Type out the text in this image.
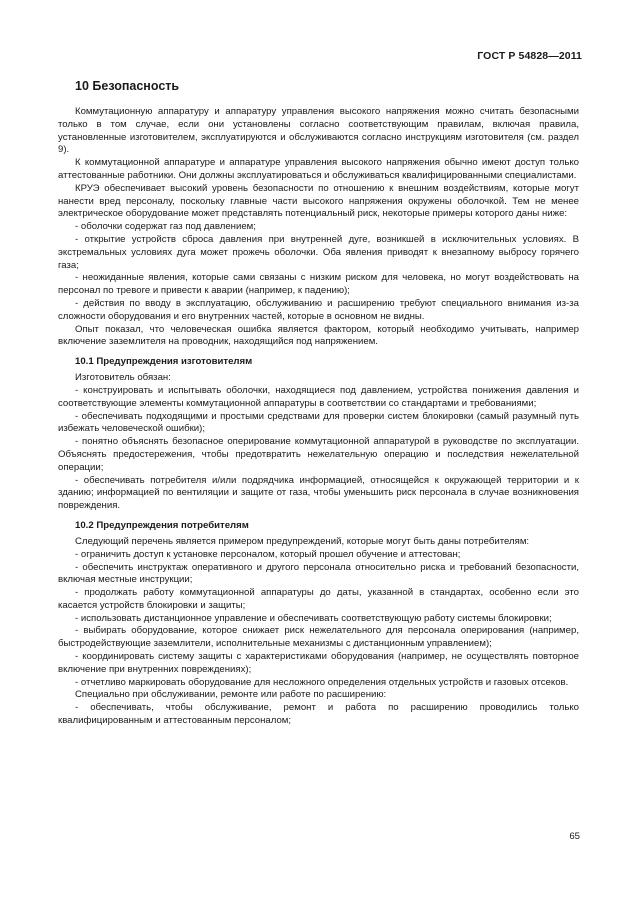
ГОСТ Р 54828—2011
10 Безопасность

Коммутационную аппаратуру и аппаратуру управления высокого напряжения можно считать безопасными только в том случае, если они установлены согласно соответствующим правилам, включая правила, установленные изготовителем, эксплуатируются и обслуживаются согласно инструкциям изготовителя (см. раздел 9).

К коммутационной аппаратуре и аппаратуре управления высокого напряжения обычно имеют доступ только аттестованные работники. Они должны эксплуатироваться и обслуживаться квалифицированными специалистами.

КРУЭ обеспечивает высокий уровень безопасности по отношению к внешним воздействиям, которые могут нанести вред персоналу, поскольку главные части высокого напряжения окружены оболочкой. Тем не менее электрическое оборудование может представлять потенциальный риск, некоторые примеры которого даны ниже:

- оболочки содержат газ под давлением;

- открытие устройств сброса давления при внутренней дуге, возникшей в исключительных условиях. В экстремальных условиях дуга может прожечь оболочки. Оба явления приводят к внезапному выбросу горячего газа;

- неожиданные явления, которые сами связаны с низким риском для человека, но могут воздействовать на персонал по тревоге и привести к аварии (например, к падению);

- действия по вводу в эксплуатацию, обслуживанию и расширению требуют специального внимания из-за сложности оборудования и его внутренних частей, которые в основном не видны.

Опыт показал, что человеческая ошибка является фактором, который необходимо учитывать, например включение заземлителя на проводник, находящийся под напряжением.

10.1 Предупреждения изготовителям

Изготовитель обязан:

- конструировать и испытывать оболочки, находящиеся под давлением, устройства понижения давления и соответствующие элементы коммутационной аппаратуры в соответствии со стандартами и требованиями;

- обеспечивать подходящими и простыми средствами для проверки систем блокировки (самый разумный путь избежать человеческой ошибки);

- понятно объяснять безопасное оперирование коммутационной аппаратурой в руководстве по эксплуатации. Объяснять предостережения, чтобы предотвратить нежелательную операцию и последствия нежелательной операции;

- обеспечивать потребителя и/или подрядчика информацией, относящейся к окружающей территории и к зданию; информацией по вентиляции и защите от газа, чтобы уменьшить риск персонала в случае возникновения повреждения.

10.2 Предупреждения потребителям

Следующий перечень является примером предупреждений, которые могут быть даны потребителям:

- ограничить доступ к установке персоналом, который прошел обучение и аттестован;

- обеспечить инструктаж оперативного и другого персонала относительно риска и требований безопасности, включая местные инструкции;

- продолжать работу коммутационной аппаратуры до даты, указанной в стандартах, особенно если это касается устройств блокировки и защиты;

- использовать дистанционное управление и обеспечивать соответствующую работу системы блокировки;

- выбирать оборудование, которое снижает риск нежелательного для персонала оперирования (например, быстродействующие заземлители, исполнительные механизмы с дистанционным управлением);

- координировать систему защиты с характеристиками оборудования (например, не осуществлять повторное включение при внутренних повреждениях);

- отчетливо маркировать оборудование для несложного определения отдельных устройств и газовых отсеков.

Специально при обслуживании, ремонте или работе по расширению:

- обеспечивать, чтобы обслуживание, ремонт и работа по расширению проводились только квалифицированным и аттестованным персоналом;

65
